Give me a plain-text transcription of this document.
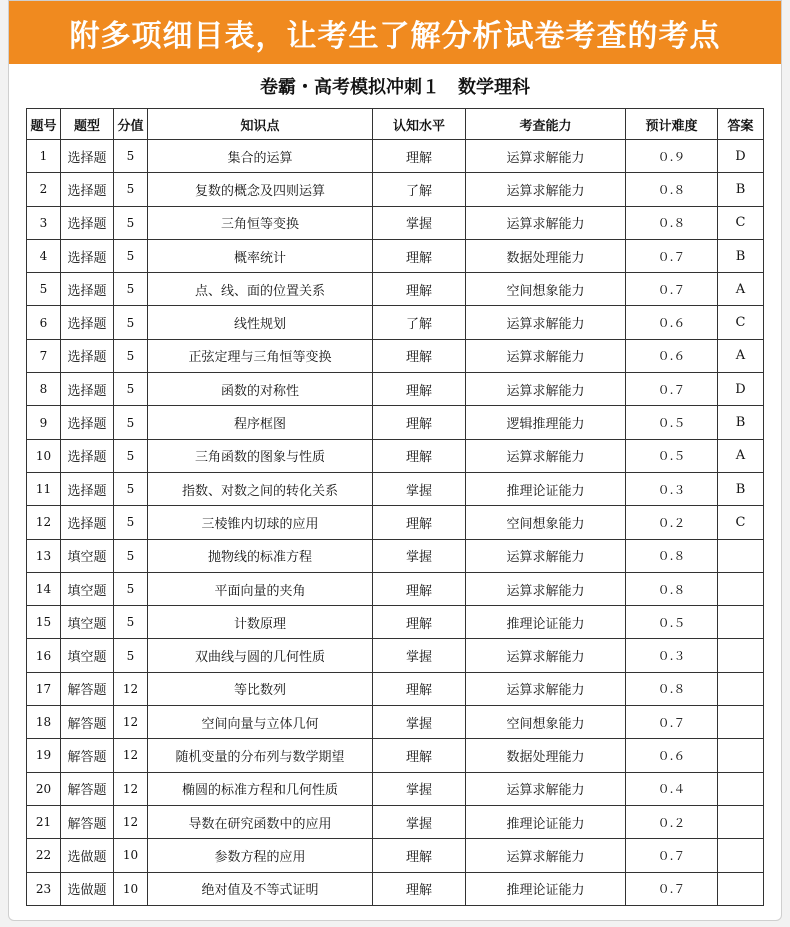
附多项细目表，让考生了解分析试卷考查的考点
卷霸・高考模拟冲刺１　数学理科
题号	题型	分值	知识点	认知水平	考查能力	预计难度	答案
1	选择题	5	集合的运算	理解	运算求解能力	０.９	D
2	选择题	5	复数的概念及四则运算	了解	运算求解能力	０.８	B
3	选择题	5	三角恒等变换	掌握	运算求解能力	０.８	C
4	选择题	5	概率统计	理解	数据处理能力	０.７	B
5	选择题	5	点、线、面的位置关系	理解	空间想象能力	０.７	A
6	选择题	5	线性规划	了解	运算求解能力	０.６	C
7	选择题	5	正弦定理与三角恒等变换	理解	运算求解能力	０.６	A
8	选择题	5	函数的对称性	理解	运算求解能力	０.７	D
9	选择题	5	程序框图	理解	逻辑推理能力	０.５	B
10	选择题	5	三角函数的图象与性质	理解	运算求解能力	０.５	A
11	选择题	5	指数、对数之间的转化关系	掌握	推理论证能力	０.３	B
12	选择题	5	三棱锥内切球的应用	理解	空间想象能力	０.２	C
13	填空题	5	抛物线的标准方程	掌握	运算求解能力	０.８	
14	填空题	5	平面向量的夹角	理解	运算求解能力	０.８	
15	填空题	5	计数原理	理解	推理论证能力	０.５	
16	填空题	5	双曲线与圆的几何性质	掌握	运算求解能力	０.３	
17	解答题	12	等比数列	理解	运算求解能力	０.８	
18	解答题	12	空间向量与立体几何	掌握	空间想象能力	０.７	
19	解答题	12	随机变量的分布列与数学期望	理解	数据处理能力	０.６	
20	解答题	12	椭圆的标准方程和几何性质	掌握	运算求解能力	０.４	
21	解答题	12	导数在研究函数中的应用	掌握	推理论证能力	０.２	
22	选做题	10	参数方程的应用	理解	运算求解能力	０.７	
23	选做题	10	绝对值及不等式证明	理解	推理论证能力	０.７	
